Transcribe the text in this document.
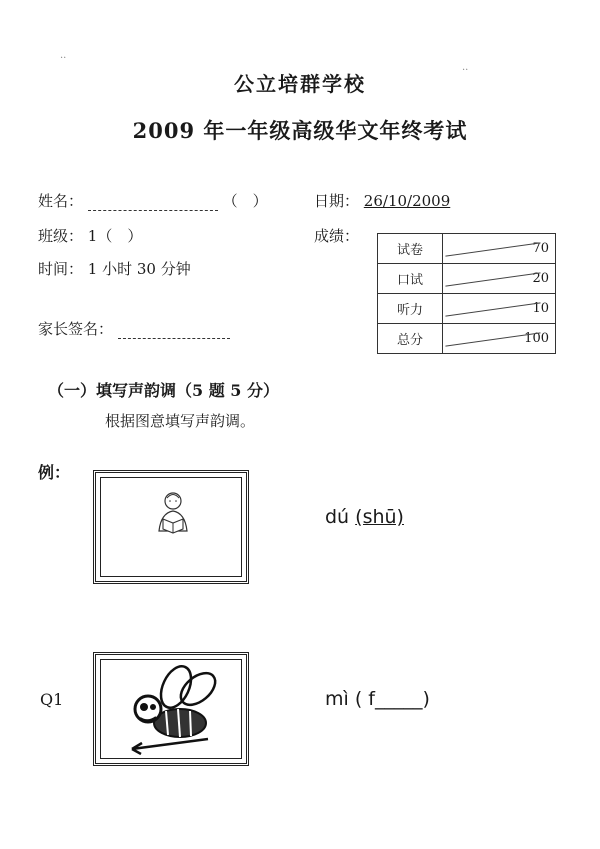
..
..
公立培群学校
2009 年一年级高级华文年终考试
姓名：	（　）	日期： 26/10/2009
班级： 1（　）	成绩：
时间： 1 小时 30 分钟
家长签名：
试卷	70
口试	20
听力	10
总分	100
（一）填写声韵调（5 题 5 分）
根据图意填写声韵调。
例：
dú (shū)
Q1	mì ( f_____)
